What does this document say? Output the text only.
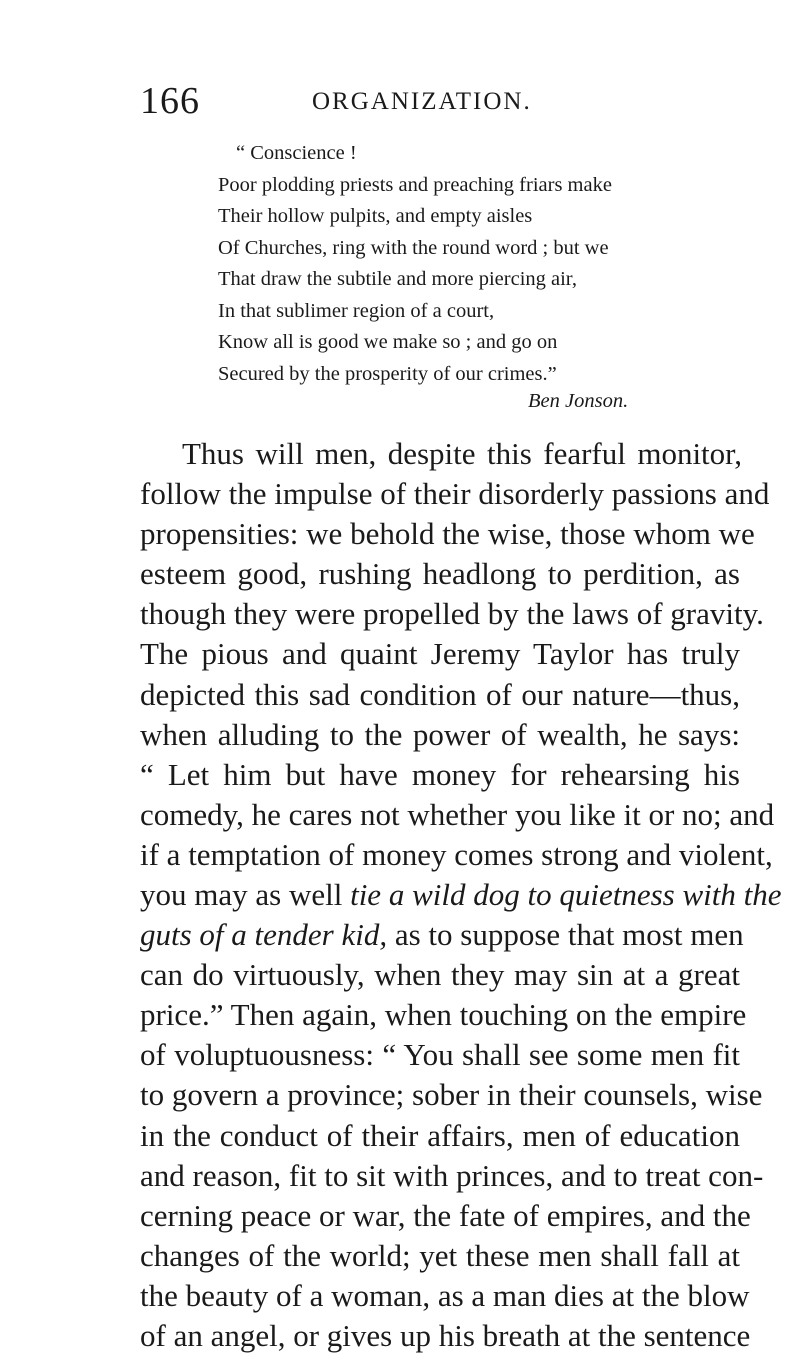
166	ORGANIZATION.
“ Conscience !
Poor plodding priests and preaching friars make
Their hollow pulpits, and empty aisles
Of Churches, ring with the round word ; but we
That draw the subtile and more piercing air,
In that sublimer region of a court,
Know all is good we make so ; and go on
Secured by the prosperity of our crimes.”
Ben Jonson.
Thus will men, despite this fearful monitor,
follow the impulse of their disorderly passions and
propensities: we behold the wise, those whom we
esteem good, rushing headlong to perdition, as
though they were propelled by the laws of gravity.
The pious and quaint Jeremy Taylor has truly
depicted this sad condition of our nature—thus,
when alluding to the power of wealth, he says:
“ Let him but have money for rehearsing his
comedy, he cares not whether you like it or no; and
if a temptation of money comes strong and violent,
you may as well tie a wild dog to quietness with the
guts of a tender kid, as to suppose that most men
can do virtuously, when they may sin at a great
price.” Then again, when touching on the empire
of voluptuousness: “ You shall see some men fit
to govern a province; sober in their counsels, wise
in the conduct of their affairs, men of education
and reason, fit to sit with princes, and to treat con-
cerning peace or war, the fate of empires, and the
changes of the world; yet these men shall fall at
the beauty of a woman, as a man dies at the blow
of an angel, or gives up his breath at the sentence
